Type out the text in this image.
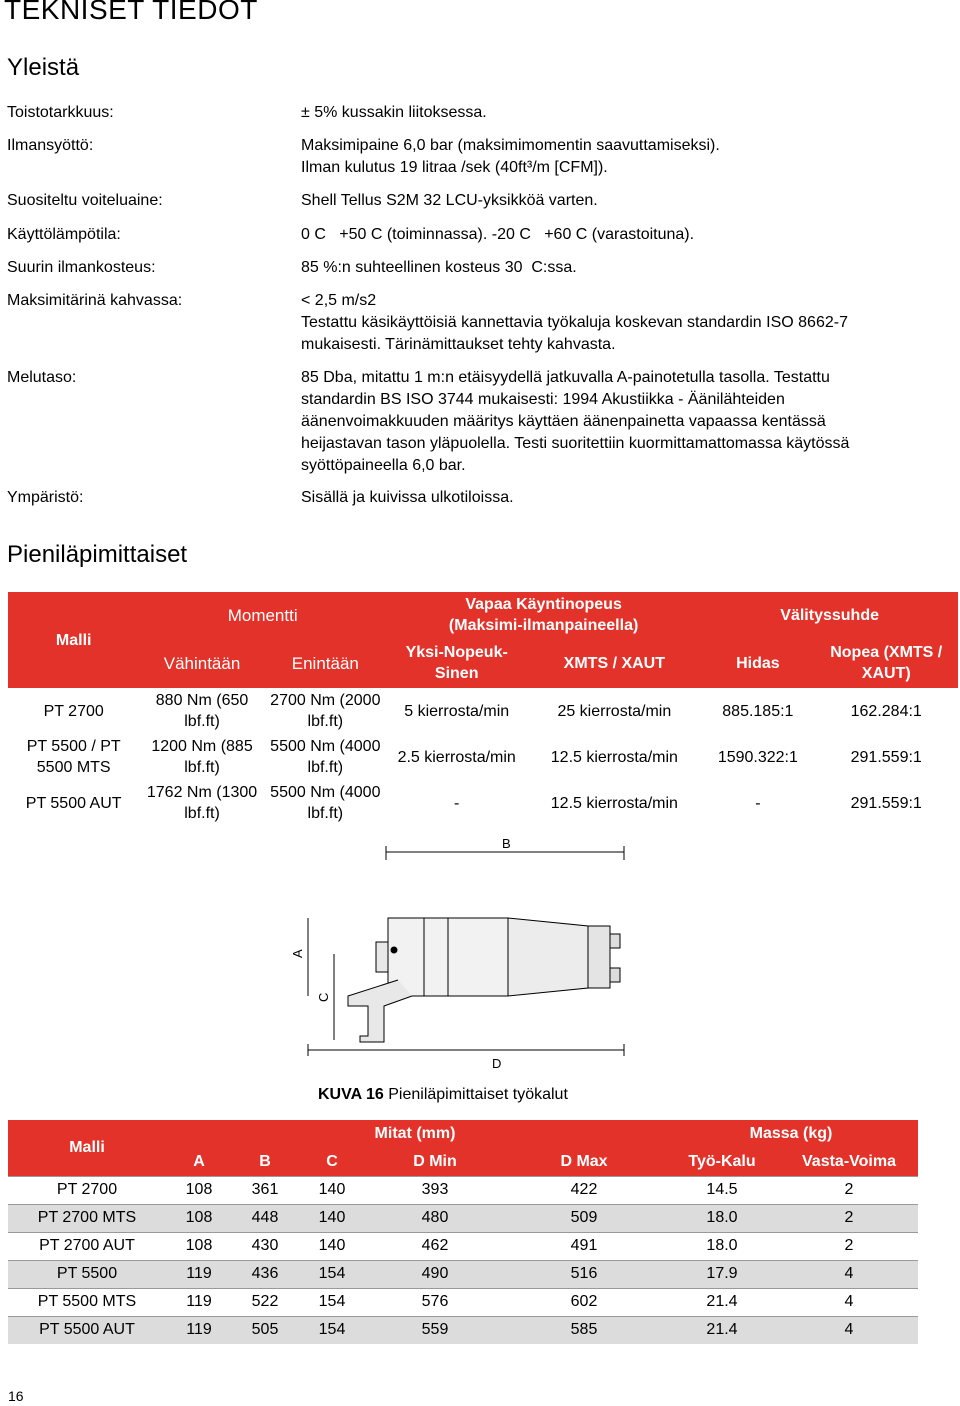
TEKNISET TIEDOT
Yleistä
Toistotarkkuus:	± 5% kussakin liitoksessa.
Ilmansyöttö:	Maksimipaine 6,0 bar (maksimimomentin saavuttamiseksi).
Ilman kulutus 19 litraa /sek (40ft³/m [CFM]).
Suositeltu voiteluaine:	Shell Tellus S2M 32 LCU-yksikköä varten.
Käyttölämpötila:	0 C   +50 C (toiminnassa). -20 C   +60 C (varastoituna).
Suurin ilmankosteus:	85 %:n suhteellinen kosteus 30  C:ssa.
Maksimitärinä kahvassa:	< 2,5 m/s2
Testattu käsikäyttöisiä kannettavia työkaluja koskevan standardin ISO 8662-7 mukaisesti. Tärinämittaukset tehty kahvasta.
Melutaso:	85 Dba, mitattu 1 m:n etäisyydellä jatkuvalla A-painotetulla tasolla. Testattu standardin BS ISO 3744 mukaisesti: 1994 Akustiikka - Äänilähteiden äänenvoimakkuuden määritys käyttäen äänenpainetta vapaassa kentässä heijastavan tason yläpuolella. Testi suoritettiin kuormittamattomassa käytössä syöttöpaineella 6,0 bar.
Ympäristö:	Sisällä ja kuivissa ulkotiloissa.
Pieniläpimittaiset
Malli	Momentti		Vapaa Käyntinopeus (Maksimi-ilmanpaineella)		Välityssuhde	
	Vähintään	Enintään	Yksi-Nopeuk-Sinen	XMTS / XAUT	Hidas	Nopea (XMTS / XAUT)
PT 2700	880 Nm (650 lbf.ft)	2700 Nm (2000 lbf.ft)	5 kierrosta/min	25 kierrosta/min	885.185:1	162.284:1
PT 5500 / PT 5500 MTS	1200 Nm (885 lbf.ft)	5500 Nm (4000 lbf.ft)	2.5 kierrosta/min	12.5 kierrosta/min	1590.322:1	291.559:1
PT 5500 AUT	1762 Nm (1300 lbf.ft)	5500 Nm (4000 lbf.ft)	-	12.5 kierrosta/min	-	291.559:1
B
D
A
C
KUVA 16 Pieniläpimittaiset työkalut
Malli	Mitat (mm)					Massa (kg)	
	A	B	C	D Min	D Max	Työ-Kalu	Vasta-Voima
PT 2700	108	361	140	393	422	14.5	2
PT 2700 MTS	108	448	140	480	509	18.0	2
PT 2700 AUT	108	430	140	462	491	18.0	2
PT 5500	119	436	154	490	516	17.9	4
PT 5500 MTS	119	522	154	576	602	21.4	4
PT 5500 AUT	119	505	154	559	585	21.4	4
16
